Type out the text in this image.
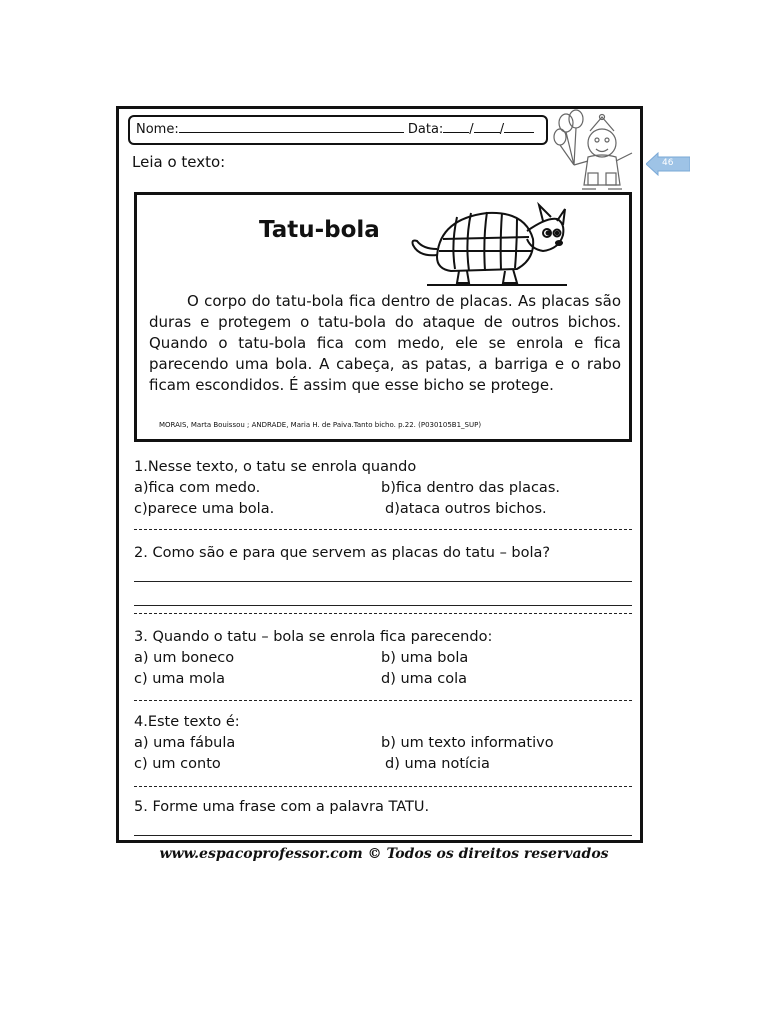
Nome:	Data: / /
Leia o texto:
Tatu-bola
O corpo do tatu-bola fica dentro de placas. As placas são duras e protegem o tatu-bola do ataque de outros bichos. Quando o tatu-bola fica com medo, ele se enrola e fica parecendo uma bola. A cabeça, as patas, a barriga e o rabo ficam escondidos. É assim que esse bicho se protege.
MORAIS, Marta Bouissou ; ANDRADE, Maria H. de Paiva.Tanto bicho. p.22. (P030105B1_SUP)
1.Nesse texto, o tatu se enrola quando
a)fica com medo.	b)fica dentro das placas.
c)parece uma bola.	d)ataca outros bichos.
2. Como são e para que servem as placas do tatu – bola?
3. Quando o tatu – bola se enrola fica parecendo:
a) um boneco	b) uma bola
c) uma mola	d) uma cola
4.Este texto é:
a) uma fábula	b) um texto informativo
c) um conto	d) uma notícia
5. Forme uma frase com a palavra TATU.
46
www.espacoprofessor.com © Todos os direitos reservados
